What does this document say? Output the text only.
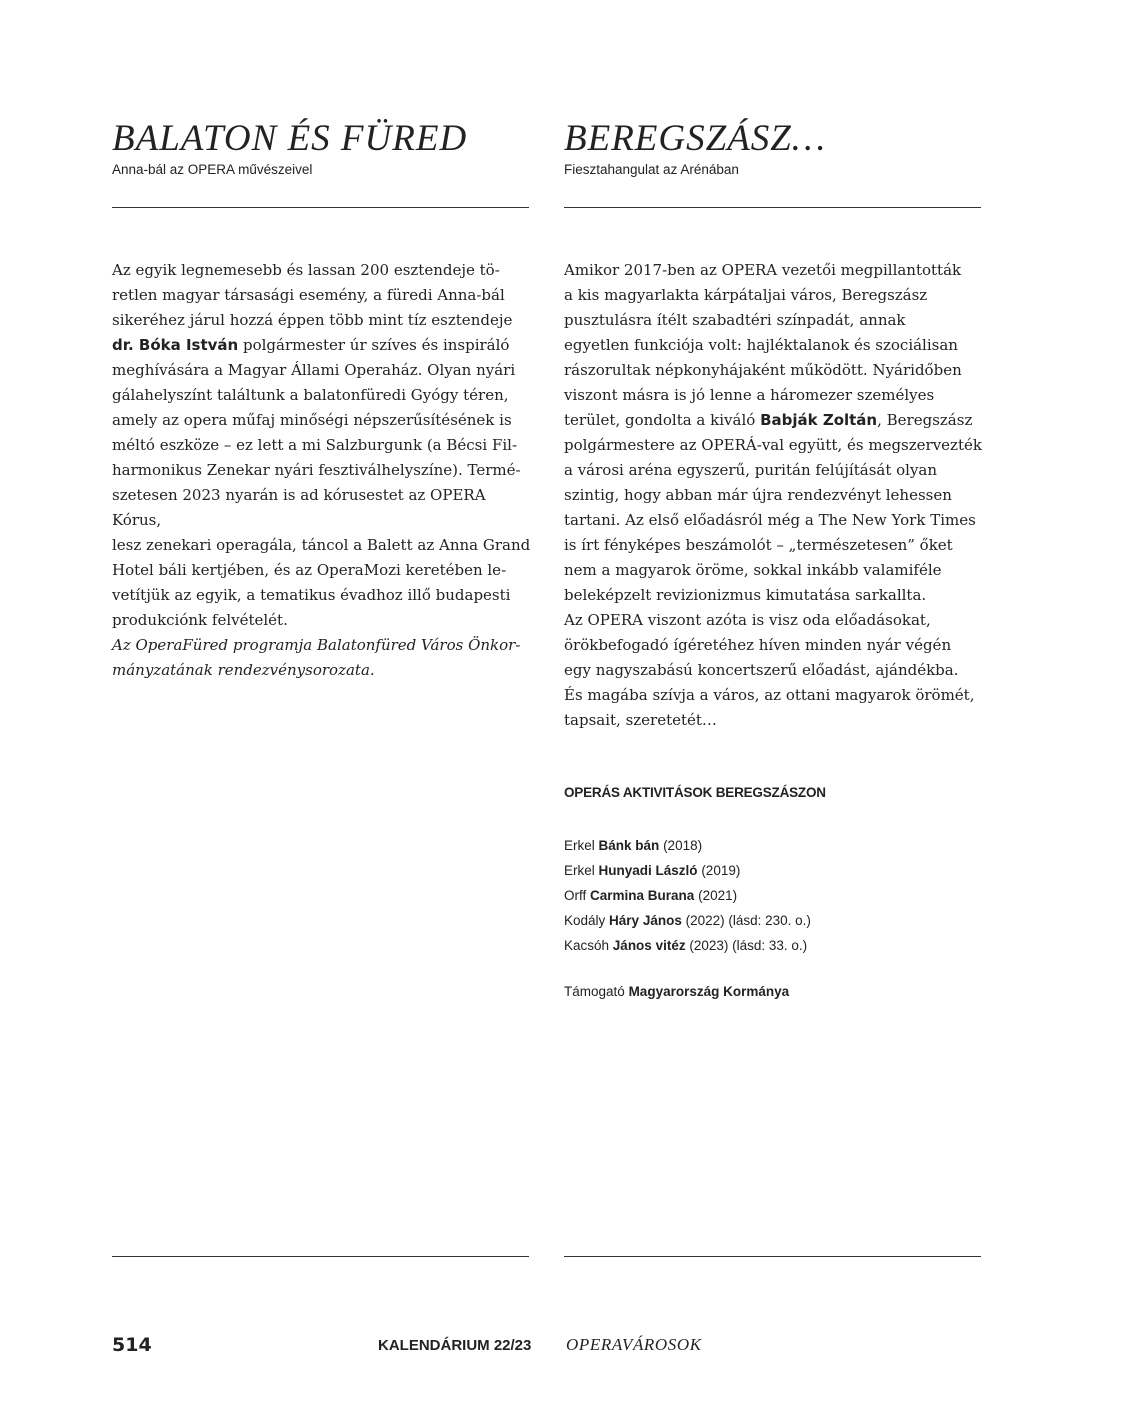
BALATON ÉS FÜRED

Anna-bál az OPERA művészeivel

Az egyik legnemesebb és lassan 200 esztendeje tö-
retlen magyar társasági esemény, a füredi Anna-bál
sikeréhez járul hozzá éppen több mint tíz esztendeje
dr. Bóka István polgármester úr szíves és inspiráló
meghívására a Magyar Állami Operaház. Olyan nyári
gálahelyszínt találtunk a balatonfüredi Gyógy téren,
amely az opera műfaj minőségi népszerűsítésének is
méltó eszköze – ez lett a mi Salzburgunk (a Bécsi Fil-
harmonikus Zenekar nyári fesztiválhelyszíne). Termé-
szetesen 2023 nyarán is ad kórusestet az OPERA Kórus,
lesz zenekari operagála, táncol a Balett az Anna Grand
Hotel báli kertjében, és az OperaMozi keretében le-
vetítjük az egyik, a tematikus évadhoz illő budapesti
produkciónk felvételét.

Az OperaFüred programja Balatonfüred Város Önkor-
mányzatának rendezvénysorozata.

BEREGSZÁSZ…

Fiesztahangulat az Arénában

Amikor 2017-ben az OPERA vezetői megpillantották
a kis magyarlakta kárpátaljai város, Beregszász
pusztulásra ítélt szabadtéri színpadát, annak
egyetlen funkciója volt: hajléktalanok és szociálisan
rászorultak népkonyhájaként működött. Nyáridőben
viszont másra is jó lenne a háromezer személyes
terület, gondolta a kiváló Babják Zoltán, Beregszász
polgármestere az OPERÁ-val együtt, és megszervezték
a városi aréna egyszerű, puritán felújítását olyan
szintig, hogy abban már újra rendezvényt lehessen
tartani. Az első előadásról még a The New York Times
is írt fényképes beszámolót – „természetesen” őket
nem a magyarok öröme, sokkal inkább valamiféle
beleképzelt revizionizmus kimutatása sarkallta.
Az OPERA viszont azóta is visz oda előadásokat,
örökbefogadó ígéretéhez híven minden nyár végén
egy nagyszabású koncertszerű előadást, ajándékba.
És magába szívja a város, az ottani magyarok örömét,
tapsait, szeretetét…

OPERÁS AKTIVITÁSOK BEREGSZÁSZON
Erkel Bánk bán (2018)
Erkel Hunyadi László (2019)
Orff Carmina Burana (2021)
Kodály Háry János (2022) (lásd: 230. o.)
Kacsóh János vitéz (2023) (lásd: 33. o.)

Támogató Magyarország Kormánya

514	KALENDÁRIUM 22/23 OPERAVÁROSOK
